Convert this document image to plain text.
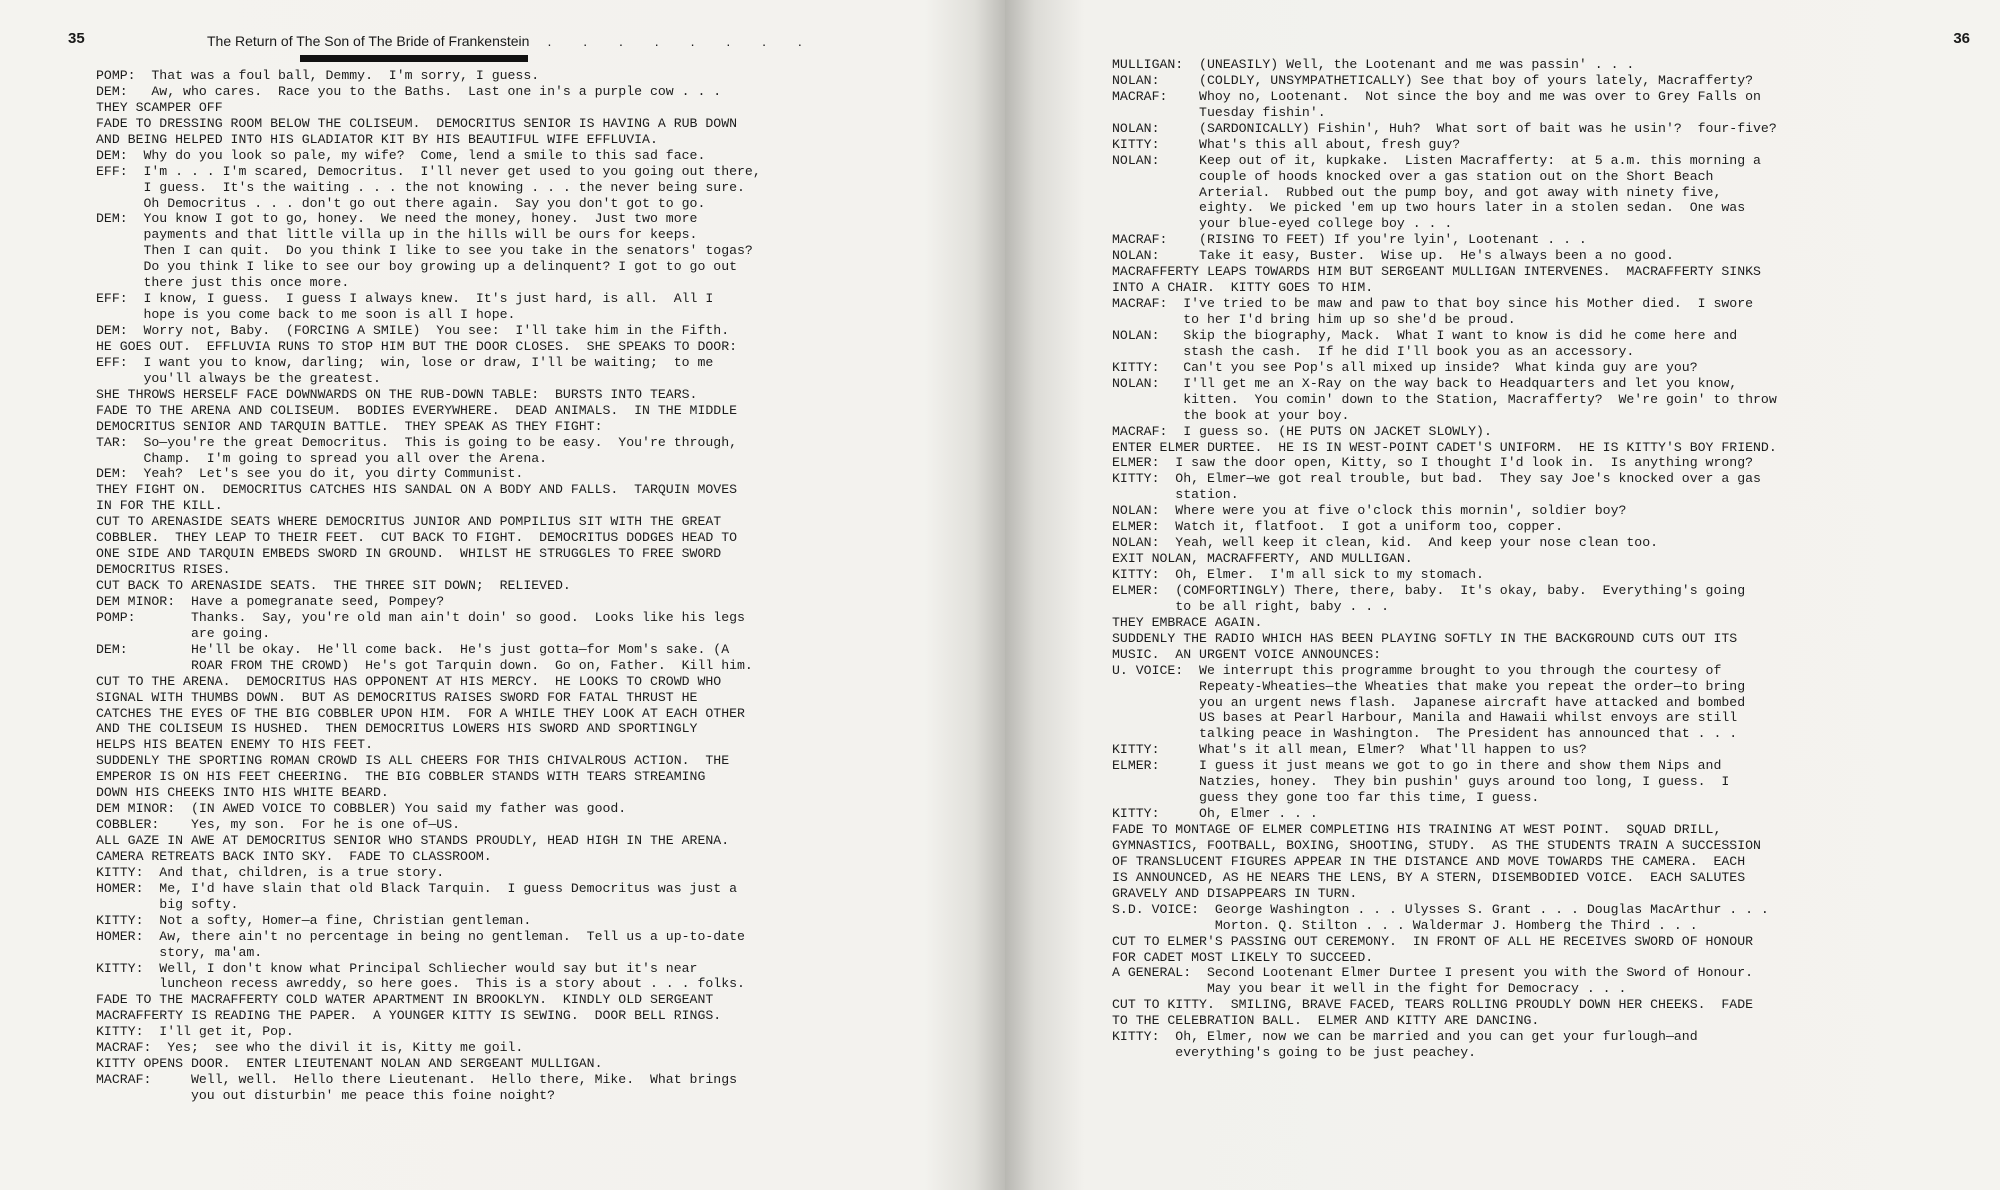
35	The Return of The Son of The Bride of Frankenstein . . . . . . . .
POMP:  That was a foul ball, Demmy.  I'm sorry, I guess.
DEM:   Aw, who cares.  Race you to the Baths.  Last one in's a purple cow . . .
THEY SCAMPER OFF
FADE TO DRESSING ROOM BELOW THE COLISEUM.  DEMOCRITUS SENIOR IS HAVING A RUB DOWN
AND BEING HELPED INTO HIS GLADIATOR KIT BY HIS BEAUTIFUL WIFE EFFLUVIA.
DEM:  Why do you look so pale, my wife?  Come, lend a smile to this sad face.
EFF:  I'm . . . I'm scared, Democritus.  I'll never get used to you going out there,
I guess.  It's the waiting . . . the not knowing . . . the never being sure.
Oh Democritus . . . don't go out there again.  Say you don't got to go.
DEM:  You know I got to go, honey.  We need the money, honey.  Just two more
payments and that little villa up in the hills will be ours for keeps.
Then I can quit.  Do you think I like to see you take in the senators' togas?
Do you think I like to see our boy growing up a delinquent? I got to go out
there just this once more.
EFF:  I know, I guess.  I guess I always knew.  It's just hard, is all.  All I
hope is you come back to me soon is all I hope.
DEM:  Worry not, Baby.  (FORCING A SMILE)  You see:  I'll take him in the Fifth.
HE GOES OUT.  EFFLUVIA RUNS TO STOP HIM BUT THE DOOR CLOSES.  SHE SPEAKS TO DOOR:
EFF:  I want you to know, darling;  win, lose or draw, I'll be waiting;  to me
you'll always be the greatest.
SHE THROWS HERSELF FACE DOWNWARDS ON THE RUB-DOWN TABLE:  BURSTS INTO TEARS.
FADE TO THE ARENA AND COLISEUM.  BODIES EVERYWHERE.  DEAD ANIMALS.  IN THE MIDDLE
DEMOCRITUS SENIOR AND TARQUIN BATTLE.  THEY SPEAK AS THEY FIGHT:
TAR:  So—you're the great Democritus.  This is going to be easy.  You're through,
Champ.  I'm going to spread you all over the Arena.
DEM:  Yeah?  Let's see you do it, you dirty Communist.
THEY FIGHT ON.  DEMOCRITUS CATCHES HIS SANDAL ON A BODY AND FALLS.  TARQUIN MOVES
IN FOR THE KILL.
CUT TO ARENASIDE SEATS WHERE DEMOCRITUS JUNIOR AND POMPILIUS SIT WITH THE GREAT
COBBLER.  THEY LEAP TO THEIR FEET.  CUT BACK TO FIGHT.  DEMOCRITUS DODGES HEAD TO
ONE SIDE AND TARQUIN EMBEDS SWORD IN GROUND.  WHILST HE STRUGGLES TO FREE SWORD
DEMOCRITUS RISES.
CUT BACK TO ARENASIDE SEATS.  THE THREE SIT DOWN;  RELIEVED.
DEM MINOR:  Have a pomegranate seed, Pompey?
POMP:       Thanks.  Say, you're old man ain't doin' so good.  Looks like his legs
are going.
DEM:        He'll be okay.  He'll come back.  He's just gotta—for Mom's sake. (A
ROAR FROM THE CROWD)  He's got Tarquin down.  Go on, Father.  Kill him.
CUT TO THE ARENA.  DEMOCRITUS HAS OPPONENT AT HIS MERCY.  HE LOOKS TO CROWD WHO
SIGNAL WITH THUMBS DOWN.  BUT AS DEMOCRITUS RAISES SWORD FOR FATAL THRUST HE
CATCHES THE EYES OF THE BIG COBBLER UPON HIM.  FOR A WHILE THEY LOOK AT EACH OTHER
AND THE COLISEUM IS HUSHED.  THEN DEMOCRITUS LOWERS HIS SWORD AND SPORTINGLY
HELPS HIS BEATEN ENEMY TO HIS FEET.
SUDDENLY THE SPORTING ROMAN CROWD IS ALL CHEERS FOR THIS CHIVALROUS ACTION.  THE
EMPEROR IS ON HIS FEET CHEERING.  THE BIG COBBLER STANDS WITH TEARS STREAMING
DOWN HIS CHEEKS INTO HIS WHITE BEARD.
DEM MINOR:  (IN AWED VOICE TO COBBLER) You said my father was good.
COBBLER:    Yes, my son.  For he is one of—US.
ALL GAZE IN AWE AT DEMOCRITUS SENIOR WHO STANDS PROUDLY, HEAD HIGH IN THE ARENA.
CAMERA RETREATS BACK INTO SKY.  FADE TO CLASSROOM.
KITTY:  And that, children, is a true story.
HOMER:  Me, I'd have slain that old Black Tarquin.  I guess Democritus was just a
big softy.
KITTY:  Not a softy, Homer—a fine, Christian gentleman.
HOMER:  Aw, there ain't no percentage in being no gentleman.  Tell us a up-to-date
story, ma'am.
KITTY:  Well, I don't know what Principal Schliecher would say but it's near
luncheon recess awreddy, so here goes.  This is a story about . . . folks.
FADE TO THE MACRAFFERTY COLD WATER APARTMENT IN BROOKLYN.  KINDLY OLD SERGEANT
MACRAFFERTY IS READING THE PAPER.  A YOUNGER KITTY IS SEWING.  DOOR BELL RINGS.
KITTY:  I'll get it, Pop.
MACRAF:  Yes;  see who the divil it is, Kitty me goil.
KITTY OPENS DOOR.  ENTER LIEUTENANT NOLAN AND SERGEANT MULLIGAN.
MACRAF:     Well, well.  Hello there Lieutenant.  Hello there, Mike.  What brings
you out disturbin' me peace this foine noight?
36
MULLIGAN:  (UNEASILY) Well, the Lootenant and me was passin' . . .
NOLAN:     (COLDLY, UNSYMPATHETICALLY) See that boy of yours lately, Macrafferty?
MACRAF:    Whoy no, Lootenant.  Not since the boy and me was over to Grey Falls on
Tuesday fishin'.
NOLAN:     (SARDONICALLY) Fishin', Huh?  What sort of bait was he usin'?  four-five?
KITTY:     What's this all about, fresh guy?
NOLAN:     Keep out of it, kupkake.  Listen Macrafferty:  at 5 a.m. this morning a
couple of hoods knocked over a gas station out on the Short Beach
Arterial.  Rubbed out the pump boy, and got away with ninety five,
eighty.  We picked 'em up two hours later in a stolen sedan.  One was
your blue-eyed college boy . . .
MACRAF:    (RISING TO FEET) If you're lyin', Lootenant . . .
NOLAN:     Take it easy, Buster.  Wise up.  He's always been a no good.
MACRAFFERTY LEAPS TOWARDS HIM BUT SERGEANT MULLIGAN INTERVENES.  MACRAFFERTY SINKS
INTO A CHAIR.  KITTY GOES TO HIM.
MACRAF:  I've tried to be maw and paw to that boy since his Mother died.  I swore
to her I'd bring him up so she'd be proud.
NOLAN:   Skip the biography, Mack.  What I want to know is did he come here and
stash the cash.  If he did I'll book you as an accessory.
KITTY:   Can't you see Pop's all mixed up inside?  What kinda guy are you?
NOLAN:   I'll get me an X-Ray on the way back to Headquarters and let you know,
kitten.  You comin' down to the Station, Macrafferty?  We're goin' to throw
the book at your boy.
MACRAF:  I guess so. (HE PUTS ON JACKET SLOWLY).
ENTER ELMER DURTEE.  HE IS IN WEST-POINT CADET'S UNIFORM.  HE IS KITTY'S BOY FRIEND.
ELMER:  I saw the door open, Kitty, so I thought I'd look in.  Is anything wrong?
KITTY:  Oh, Elmer—we got real trouble, but bad.  They say Joe's knocked over a gas
station.
NOLAN:  Where were you at five o'clock this mornin', soldier boy?
ELMER:  Watch it, flatfoot.  I got a uniform too, copper.
NOLAN:  Yeah, well keep it clean, kid.  And keep your nose clean too.
EXIT NOLAN, MACRAFFERTY, AND MULLIGAN.
KITTY:  Oh, Elmer.  I'm all sick to my stomach.
ELMER:  (COMFORTINGLY) There, there, baby.  It's okay, baby.  Everything's going
to be all right, baby . . .
THEY EMBRACE AGAIN.
SUDDENLY THE RADIO WHICH HAS BEEN PLAYING SOFTLY IN THE BACKGROUND CUTS OUT ITS
MUSIC.  AN URGENT VOICE ANNOUNCES:
U. VOICE:  We interrupt this programme brought to you through the courtesy of
Repeaty-Wheaties—the Wheaties that make you repeat the order—to bring
you an urgent news flash.  Japanese aircraft have attacked and bombed
US bases at Pearl Harbour, Manila and Hawaii whilst envoys are still
talking peace in Washington.  The President has announced that . . .
KITTY:     What's it all mean, Elmer?  What'll happen to us?
ELMER:     I guess it just means we got to go in there and show them Nips and
Natzies, honey.  They bin pushin' guys around too long, I guess.  I
guess they gone too far this time, I guess.
KITTY:     Oh, Elmer . . .
FADE TO MONTAGE OF ELMER COMPLETING HIS TRAINING AT WEST POINT.  SQUAD DRILL,
GYMNASTICS, FOOTBALL, BOXING, SHOOTING, STUDY.  AS THE STUDENTS TRAIN A SUCCESSION
OF TRANSLUCENT FIGURES APPEAR IN THE DISTANCE AND MOVE TOWARDS THE CAMERA.  EACH
IS ANNOUNCED, AS HE NEARS THE LENS, BY A STERN, DISEMBODIED VOICE.  EACH SALUTES
GRAVELY AND DISAPPEARS IN TURN.
S.D. VOICE:  George Washington . . . Ulysses S. Grant . . . Douglas MacArthur . . .
Morton. Q. Stilton . . . Waldermar J. Homberg the Third . . .
CUT TO ELMER'S PASSING OUT CEREMONY.  IN FRONT OF ALL HE RECEIVES SWORD OF HONOUR
FOR CADET MOST LIKELY TO SUCCEED.
A GENERAL:  Second Lootenant Elmer Durtee I present you with the Sword of Honour.
May you bear it well in the fight for Democracy . . .
CUT TO KITTY.  SMILING, BRAVE FACED, TEARS ROLLING PROUDLY DOWN HER CHEEKS.  FADE
TO THE CELEBRATION BALL.  ELMER AND KITTY ARE DANCING.
KITTY:  Oh, Elmer, now we can be married and you can get your furlough—and
everything's going to be just peachey.
